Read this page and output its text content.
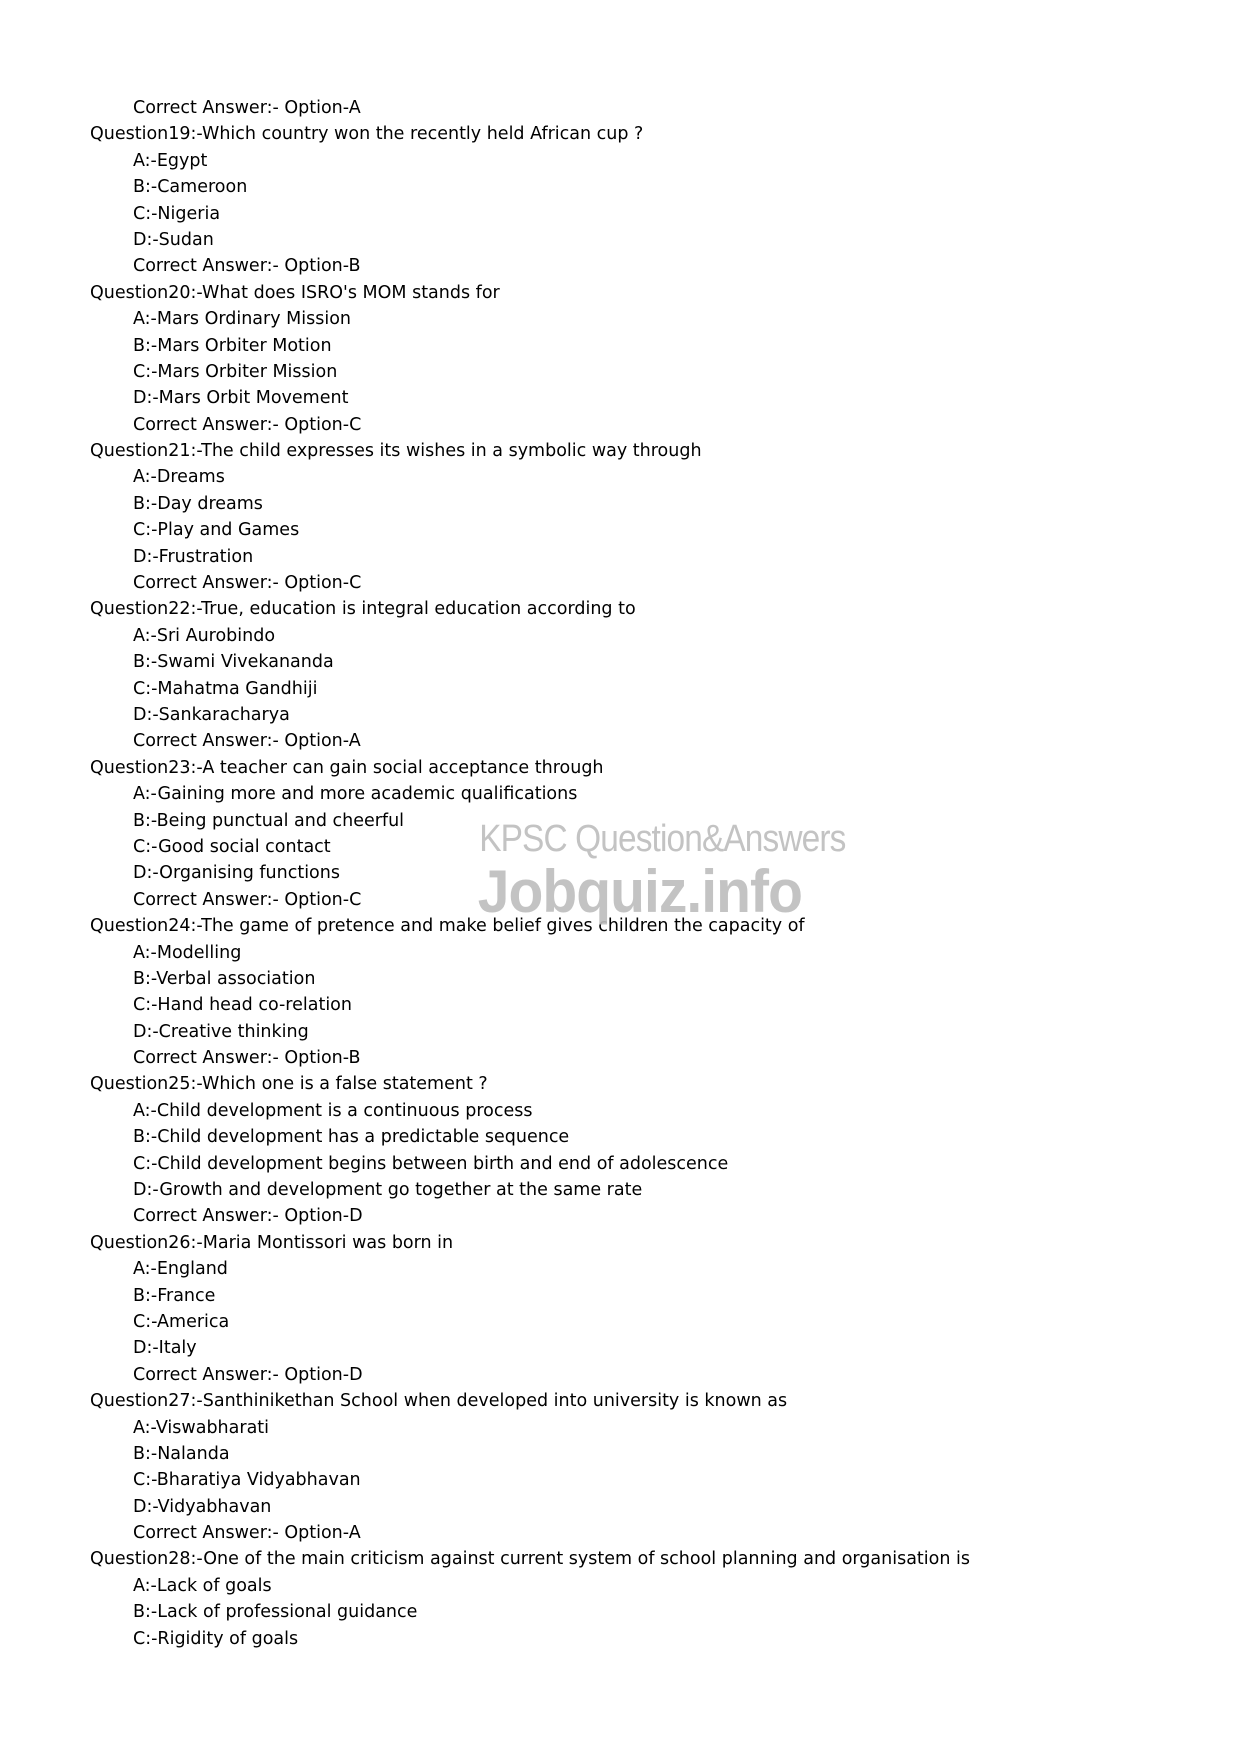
Correct Answer:- Option-A
Question19:-Which country won the recently held African cup ?
A:-Egypt
B:-Cameroon
C:-Nigeria
D:-Sudan
Correct Answer:- Option-B
Question20:-What does ISRO's MOM stands for
A:-Mars Ordinary Mission
B:-Mars Orbiter Motion
C:-Mars Orbiter Mission
D:-Mars Orbit Movement
Correct Answer:- Option-C
Question21:-The child expresses its wishes in a symbolic way through
A:-Dreams
B:-Day dreams
C:-Play and Games
D:-Frustration
Correct Answer:- Option-C
Question22:-True, education is integral education according to
A:-Sri Aurobindo
B:-Swami Vivekananda
C:-Mahatma Gandhiji
D:-Sankaracharya
Correct Answer:- Option-A
Question23:-A teacher can gain social acceptance through
A:-Gaining more and more academic qualifications
B:-Being punctual and cheerful
C:-Good social contact
D:-Organising functions
Correct Answer:- Option-C
Question24:-The game of pretence and make belief gives children the capacity of
A:-Modelling
B:-Verbal association
C:-Hand head co-relation
D:-Creative thinking
Correct Answer:- Option-B
Question25:-Which one is a false statement ?
A:-Child development is a continuous process
B:-Child development has a predictable sequence
C:-Child development begins between birth and end of adolescence
D:-Growth and development go together at the same rate
Correct Answer:- Option-D
Question26:-Maria Montissori was born in
A:-England
B:-France
C:-America
D:-Italy
Correct Answer:- Option-D
Question27:-Santhinikethan School when developed into university is known as
A:-Viswabharati
B:-Nalanda
C:-Bharatiya Vidyabhavan
D:-Vidyabhavan
Correct Answer:- Option-A
Question28:-One of the main criticism against current system of school planning and organisation is
A:-Lack of goals
B:-Lack of professional guidance
C:-Rigidity of goals
KPSC Question&Answers
Jobquiz.info
